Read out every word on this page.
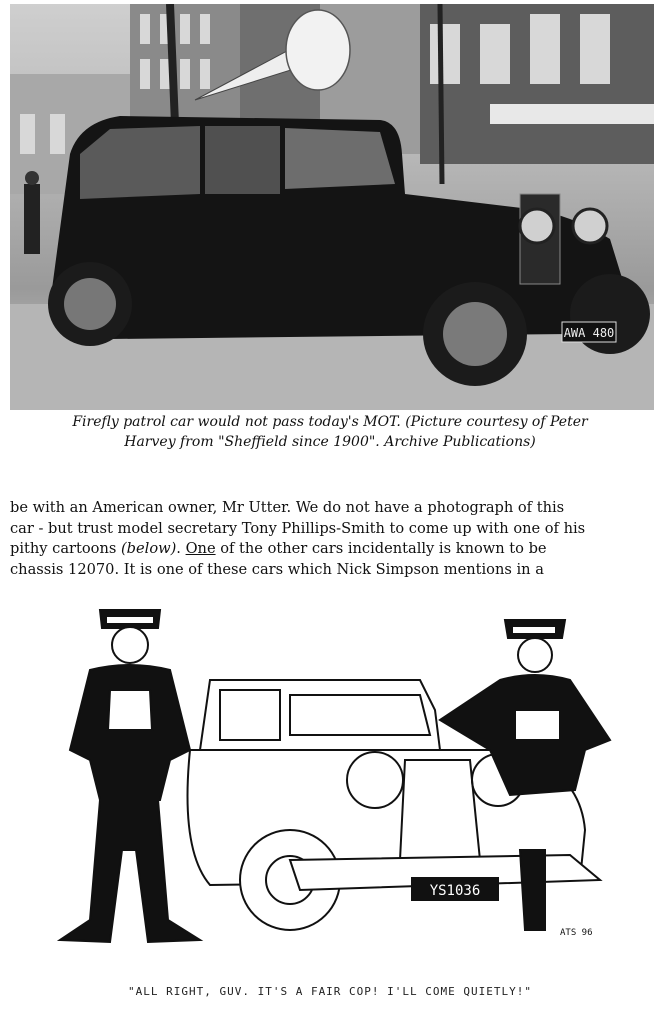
AWA 480
Firefly patrol car would not pass today's MOT. (Picture courtesy of Peter
Harvey from "Sheffield since 1900". Archive Publications)
be with an American owner, Mr Utter. We do not have a photograph of this
car - but trust model secretary Tony Phillips-Smith to come up with one of his
pithy cartoons (below). One of the other cars incidentally is known to be
chassis 12070. It is one of these cars which Nick Simpson mentions in a
YS1036
ATS 96
"ALL RIGHT, GUV. IT'S A FAIR COP! I'LL COME QUIETLY!"
